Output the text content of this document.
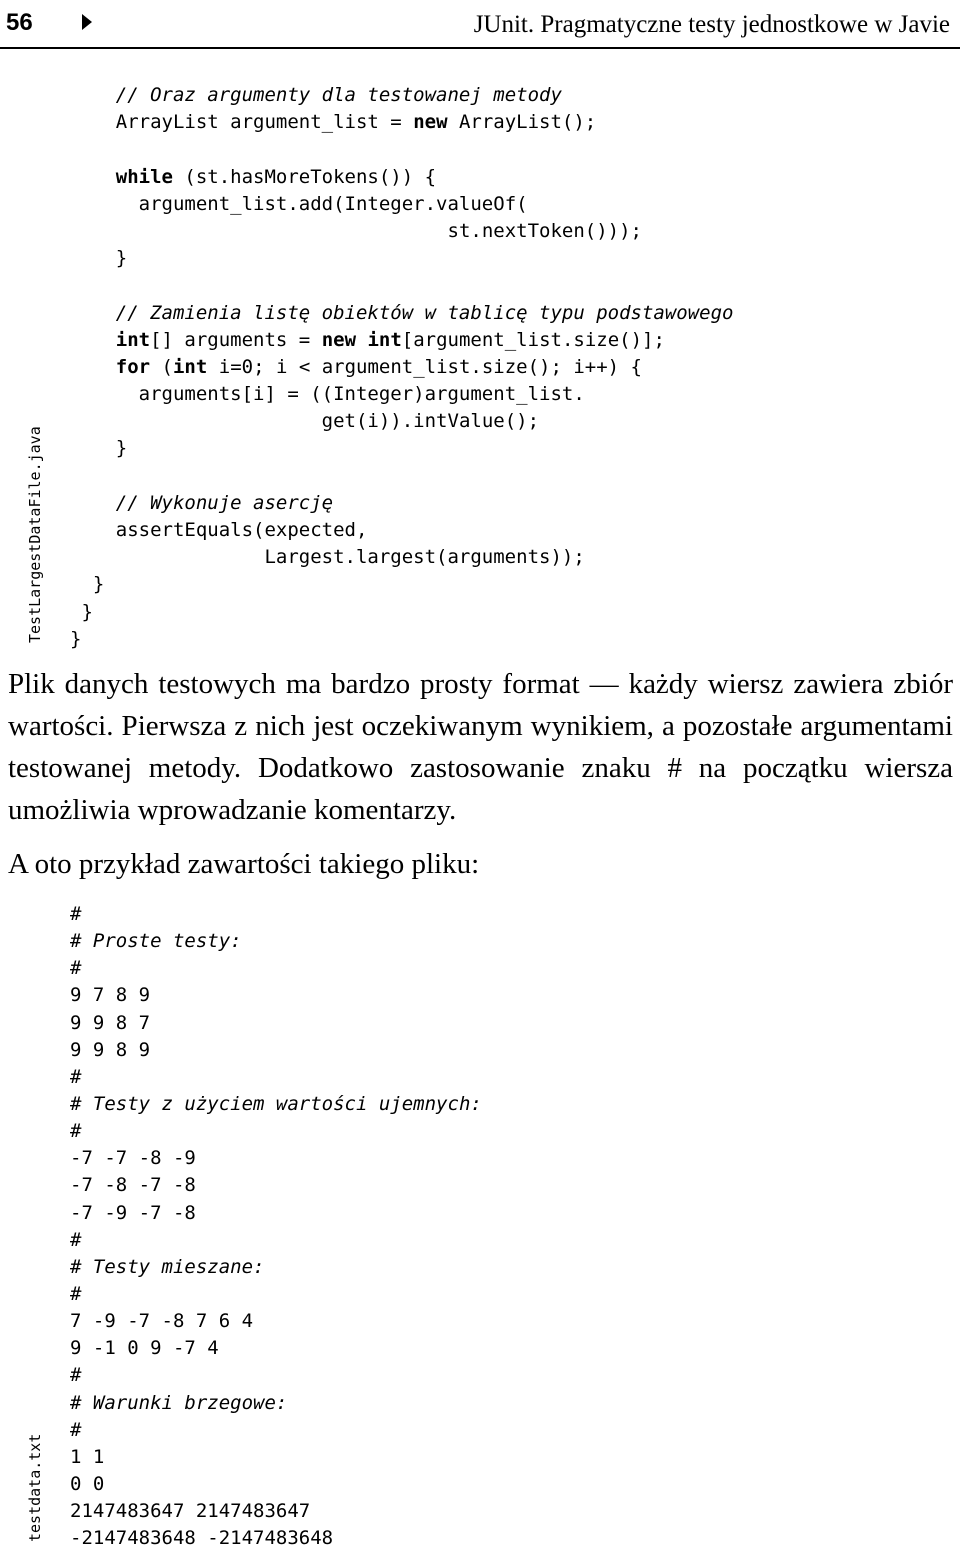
56	JUnit. Pragmatyczne testy jednostkowe w Javie
// Oraz argumenty dla testowanej metody
ArrayList argument_list = new ArrayList();

while (st.hasMoreTokens()) {
argument_list.add(Integer.valueOf(
st.nextToken()));
}

// Zamienia listę obiektów w tablicę typu podstawowego
int[] arguments = new int[argument_list.size()];
for (int i=0; i < argument_list.size(); i++) {
arguments[i] = ((Integer)argument_list.
get(i)).intValue();
}

// Wykonuje asercję
assertEquals(expected,
Largest.largest(arguments));
}
}
}
TestLargestDataFile.java

Plik danych testowych ma bardzo prosty format — każdy wiersz zawiera zbiór wartości. Pierwsza z nich jest oczekiwanym wynikiem, a pozostałe argumentami testowanej metody. Dodatkowo zastosowanie znaku # na początku wiersza umożliwia wprowadzanie komentarzy.

A oto przykład zawartości takiego pliku:

#
# Proste testy:
#
9 7 8 9
9 9 8 7
9 9 8 9
#
# Testy z użyciem wartości ujemnych:
#
-7 -7 -8 -9
-7 -8 -7 -8
-7 -9 -7 -8
#
# Testy mieszane:
#
7 -9 -7 -8 7 6 4
9 -1 0 9 -7 4
#
# Warunki brzegowe:
#
1 1
0 0
2147483647 2147483647
-2147483648 -2147483648
testdata.txt
